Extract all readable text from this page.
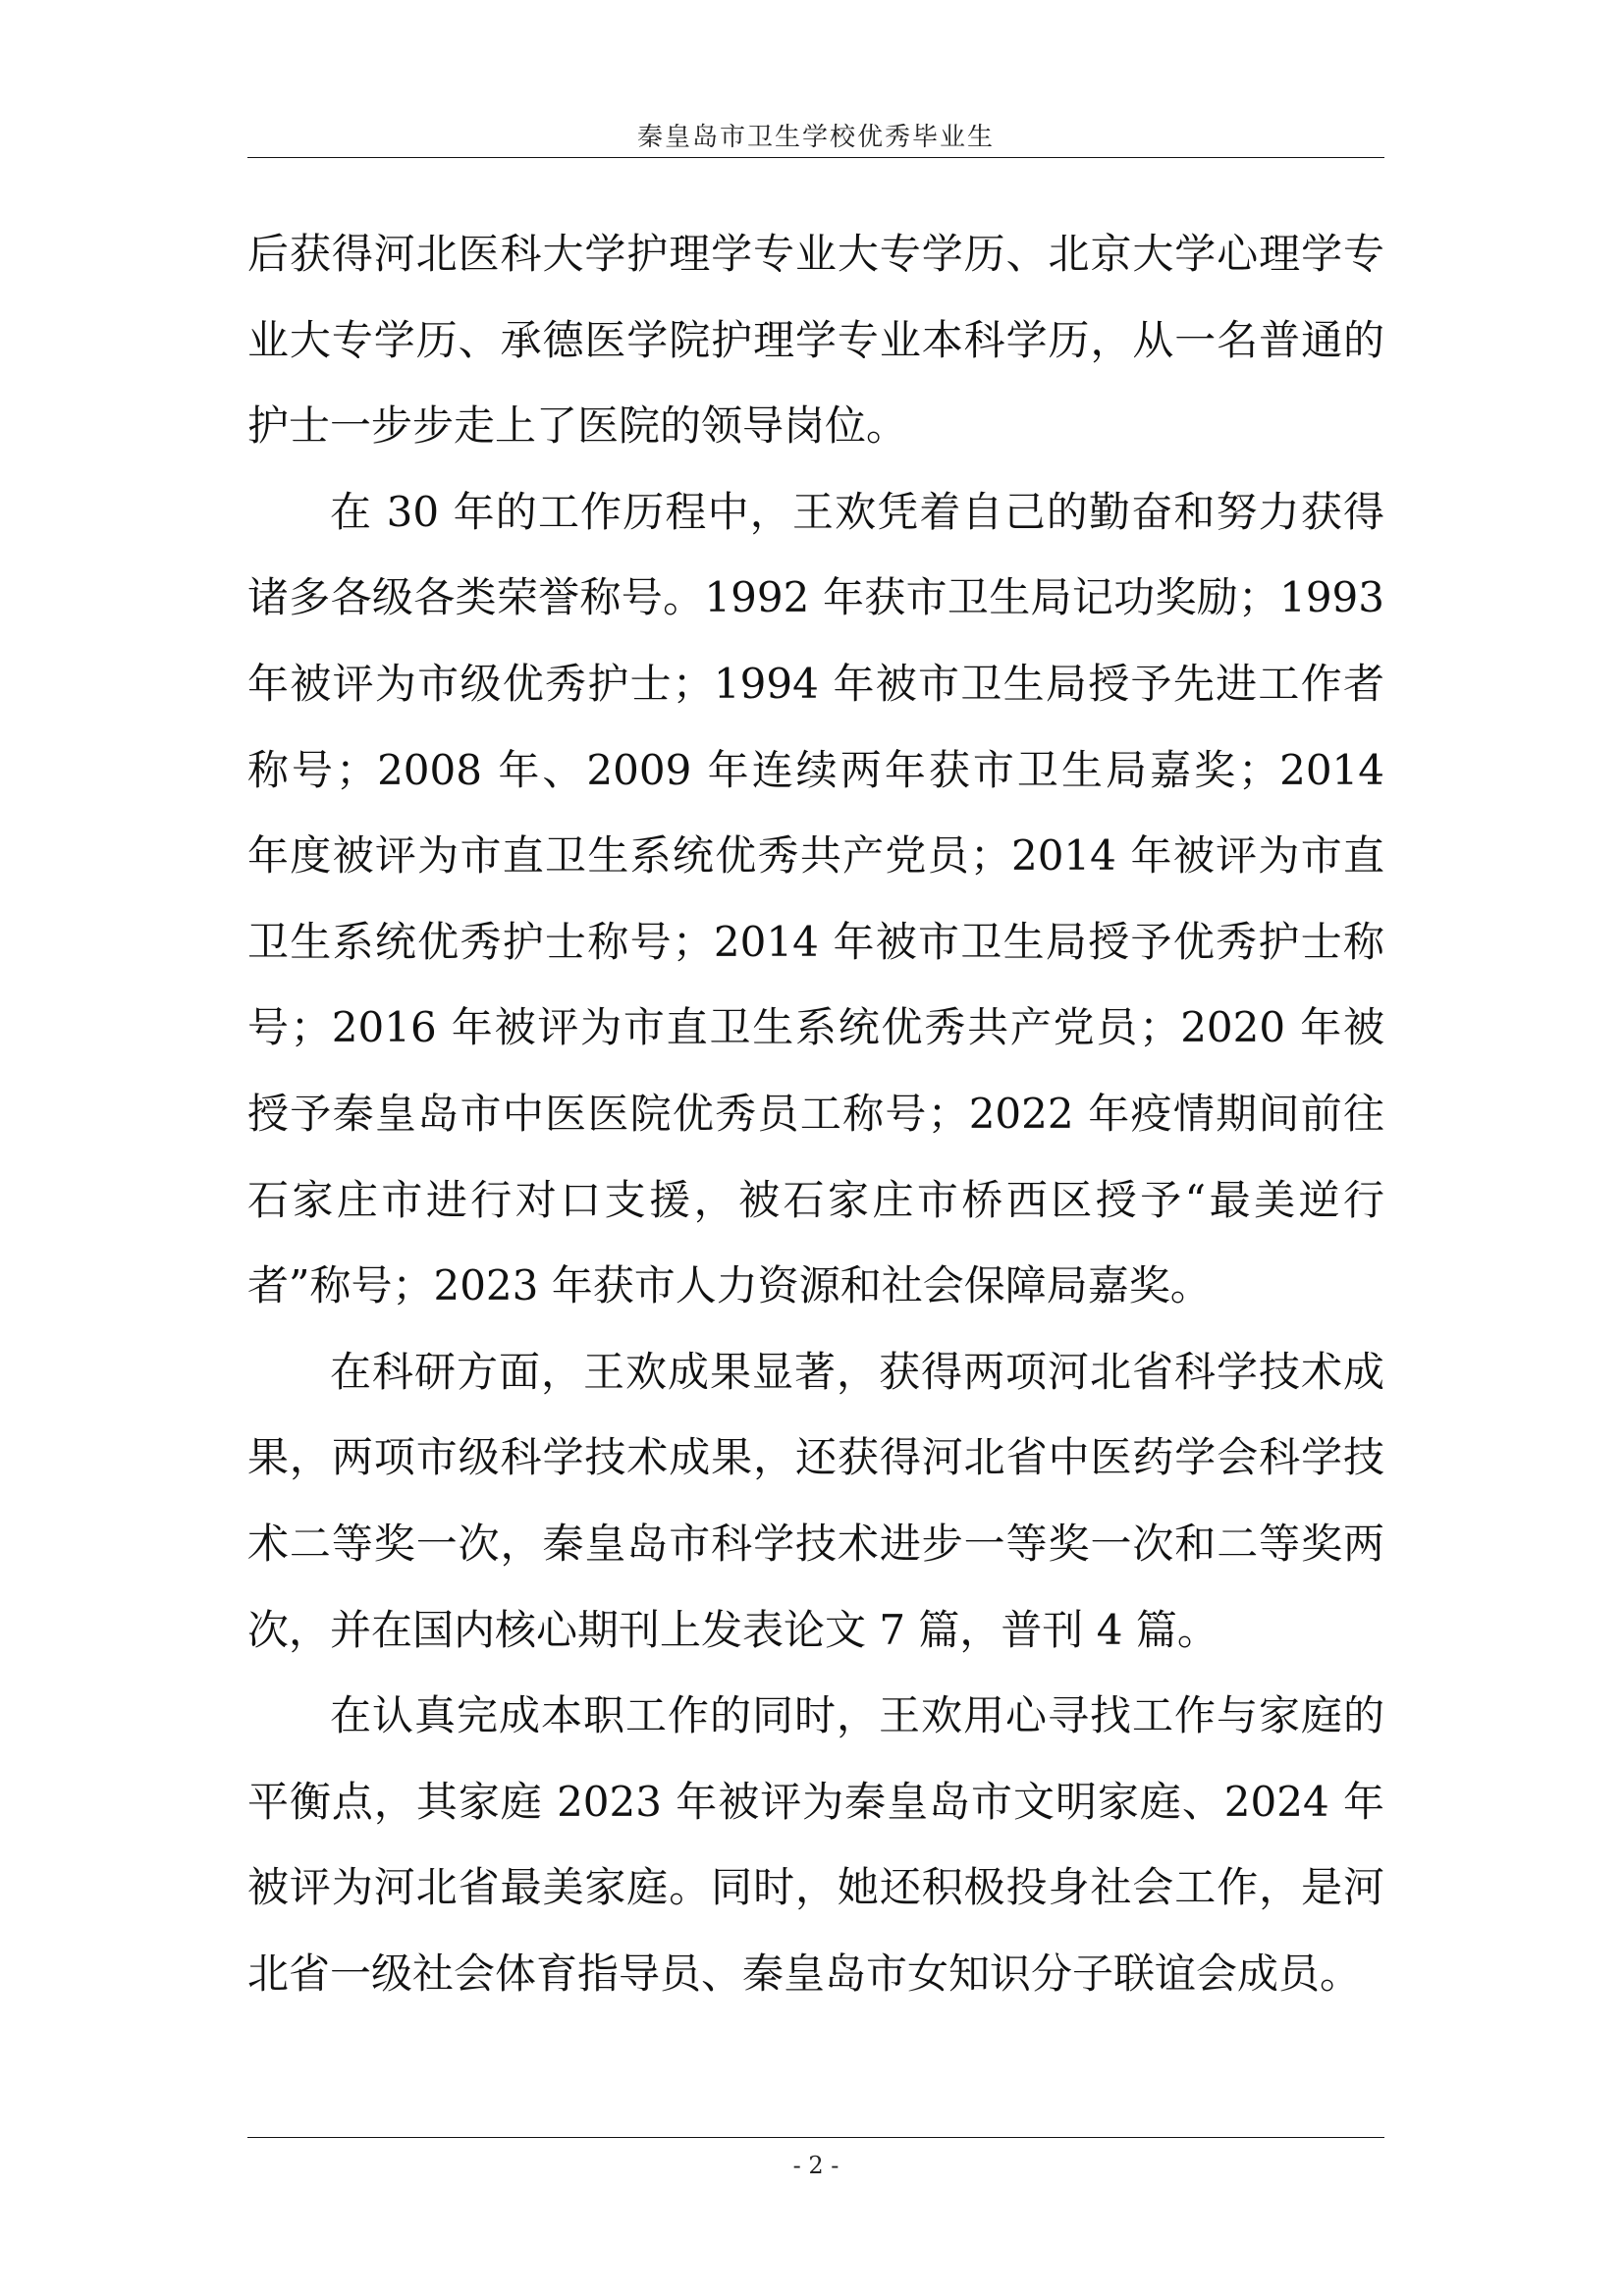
秦皇岛市卫生学校优秀毕业生

后获得河北医科大学护理学专业大专学历、北京大学心理学专业大专学历、承德医学院护理学专业本科学历，从一名普通的护士一步步走上了医院的领导岗位。

在 30 年的工作历程中，王欢凭着自己的勤奋和努力获得诸多各级各类荣誉称号。1992 年获市卫生局记功奖励；1993 年被评为市级优秀护士；1994 年被市卫生局授予先进工作者称号；2008 年、2009 年连续两年获市卫生局嘉奖；2014 年度被评为市直卫生系统优秀共产党员；2014 年被评为市直卫生系统优秀护士称号；2014 年被市卫生局授予优秀护士称号；2016 年被评为市直卫生系统优秀共产党员；2020 年被授予秦皇岛市中医医院优秀员工称号；2022 年疫情期间前往石家庄市进行对口支援，被石家庄市桥西区授予“最美逆行者”称号；2023 年获市人力资源和社会保障局嘉奖。

在科研方面，王欢成果显著，获得两项河北省科学技术成果，两项市级科学技术成果，还获得河北省中医药学会科学技术二等奖一次，秦皇岛市科学技术进步一等奖一次和二等奖两次，并在国内核心期刊上发表论文 7 篇，普刊 4 篇。

在认真完成本职工作的同时，王欢用心寻找工作与家庭的平衡点，其家庭 2023 年被评为秦皇岛市文明家庭、2024 年被评为河北省最美家庭。同时，她还积极投身社会工作，是河北省一级社会体育指导员、秦皇岛市女知识分子联谊会成员。

- 2 -
